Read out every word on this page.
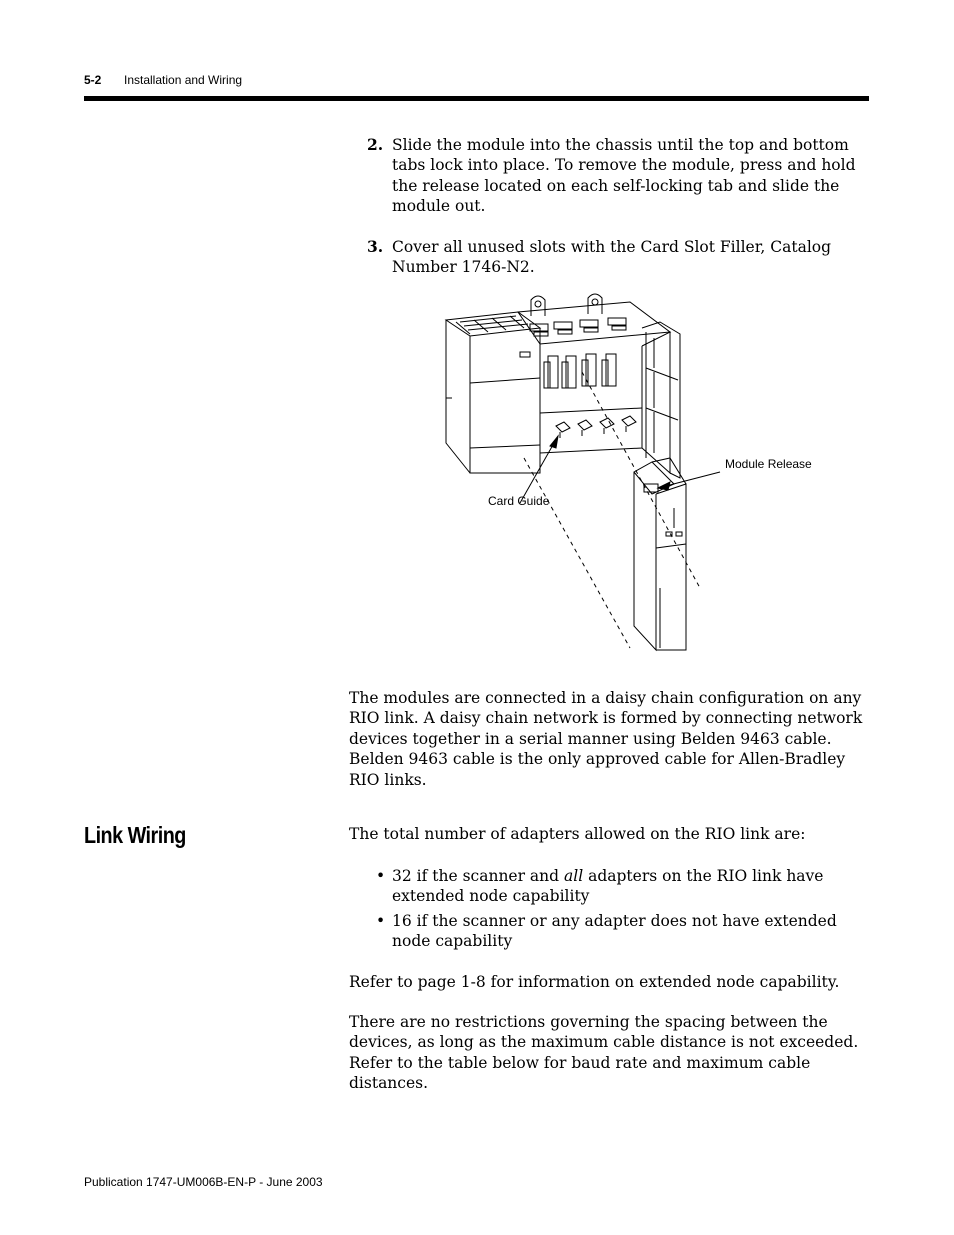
5-2 Installation and Wiring
2. Slide the module into the chassis until the top and bottom tabs lock into place. To remove the module, press and hold the release located on each self-locking tab and slide the module out.
3. Cover all unused slots with the Card Slot Filler, Catalog Number 1746-N2.
Card Guide
Module Release
The modules are connected in a daisy chain configuration on any RIO link. A daisy chain network is formed by connecting network devices together in a serial manner using Belden 9463 cable. Belden 9463 cable is the only approved cable for Allen-Bradley RIO links.
Link Wiring	The total number of adapters allowed on the RIO link are:
• 32 if the scanner and all adapters on the RIO link have extended node capability
• 16 if the scanner or any adapter does not have extended node capability
Refer to page 1-8 for information on extended node capability.
There are no restrictions governing the spacing between the devices, as long as the maximum cable distance is not exceeded. Refer to the table below for baud rate and maximum cable distances.
Publication 1747-UM006B-EN-P - June 2003
